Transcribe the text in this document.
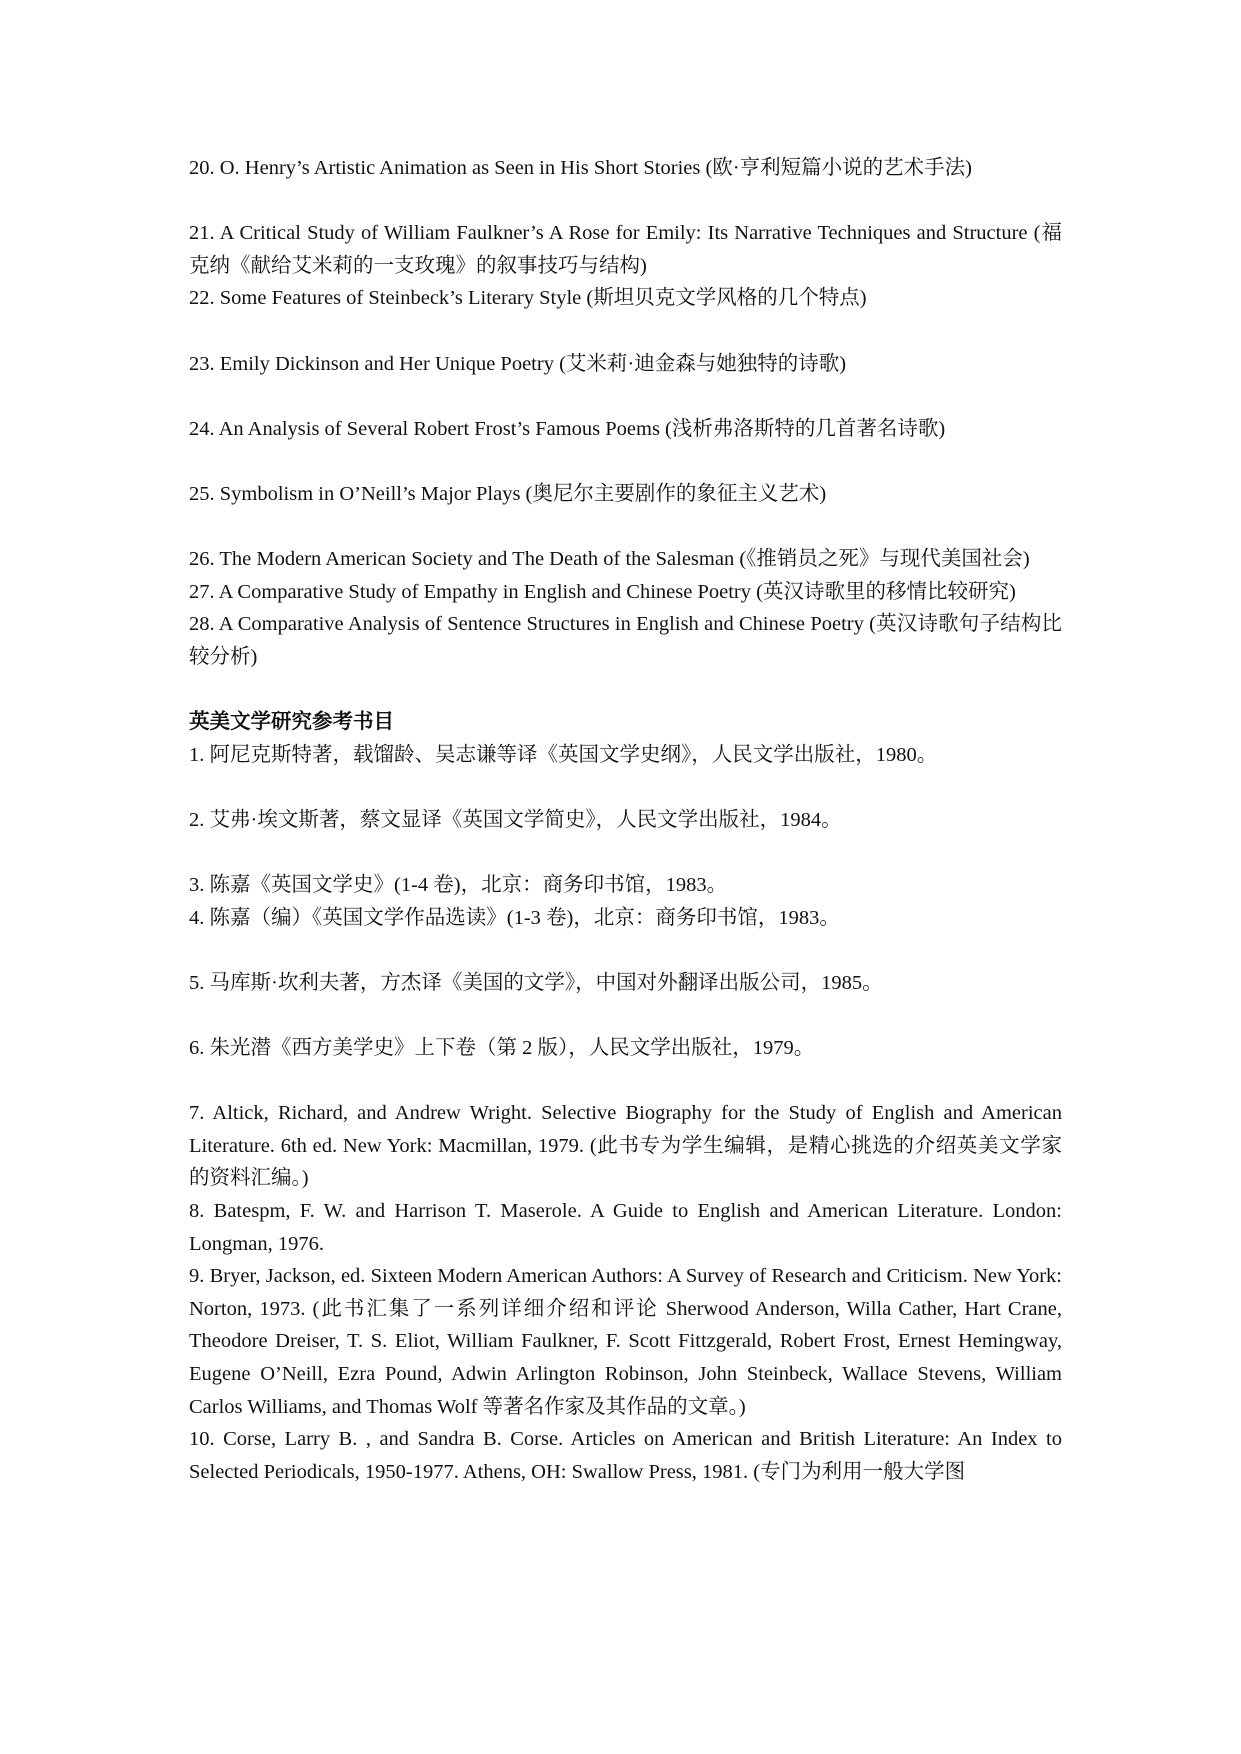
20. O. Henry’s Artistic Animation as Seen in His Short Stories (欧·亨利短篇小说的艺术手法)

21. A Critical Study of William Faulkner’s A Rose for Emily: Its Narrative Techniques and Structure (福克纳《献给艾米莉的一支玫瑰》的叙事技巧与结构)

22. Some Features of Steinbeck’s Literary Style (斯坦贝克文学风格的几个特点)

23. Emily Dickinson and Her Unique Poetry (艾米莉·迪金森与她独特的诗歌)

24. An Analysis of Several Robert Frost’s Famous Poems (浅析弗洛斯特的几首著名诗歌)

25. Symbolism in O’Neill’s Major Plays (奥尼尔主要剧作的象征主义艺术)

26. The Modern American Society and The Death of the Salesman (《推销员之死》与现代美国社会)

27. A Comparative Study of Empathy in English and Chinese Poetry (英汉诗歌里的移情比较研究)

28. A Comparative Analysis of Sentence Structures in English and Chinese Poetry (英汉诗歌句子结构比较分析)

英美文学研究参考书目

1. 阿尼克斯特著，载馏龄、吴志谦等译《英国文学史纲》，人民文学出版社，1980。

2. 艾弗·埃文斯著，蔡文显译《英国文学简史》，人民文学出版社，1984。

3. 陈嘉《英国文学史》(1-4 卷)，北京：商务印书馆，1983。

4. 陈嘉（编）《英国文学作品选读》(1-3 卷)，北京：商务印书馆，1983。

5. 马库斯·坎利夫著，方杰译《美国的文学》，中国对外翻译出版公司，1985。

6. 朱光潜《西方美学史》上下卷（第 2 版），人民文学出版社，1979。

7. Altick, Richard, and Andrew Wright. Selective Biography for the Study of English and American Literature. 6th ed. New York: Macmillan, 1979. (此书专为学生编辑，是精心挑选的介绍英美文学家的资料汇编。)

8. Batespm, F. W. and Harrison T. Maserole. A Guide to English and American Literature. London: Longman, 1976.

9. Bryer, Jackson, ed. Sixteen Modern American Authors: A Survey of Research and Criticism. New York: Norton, 1973. (此书汇集了一系列详细介绍和评论 Sherwood Anderson, Willa Cather, Hart Crane, Theodore Dreiser, T. S. Eliot, William Faulkner, F. Scott Fittzgerald, Robert Frost, Ernest Hemingway, Eugene O’Neill, Ezra Pound, Adwin Arlington Robinson, John Steinbeck, Wallace Stevens, William Carlos Williams, and Thomas Wolf 等著名作家及其作品的文章。)

10. Corse, Larry B. , and Sandra B. Corse. Articles on American and British Literature: An Index to Selected Periodicals, 1950-1977. Athens, OH: Swallow Press, 1981. (专门为利用一般大学图
